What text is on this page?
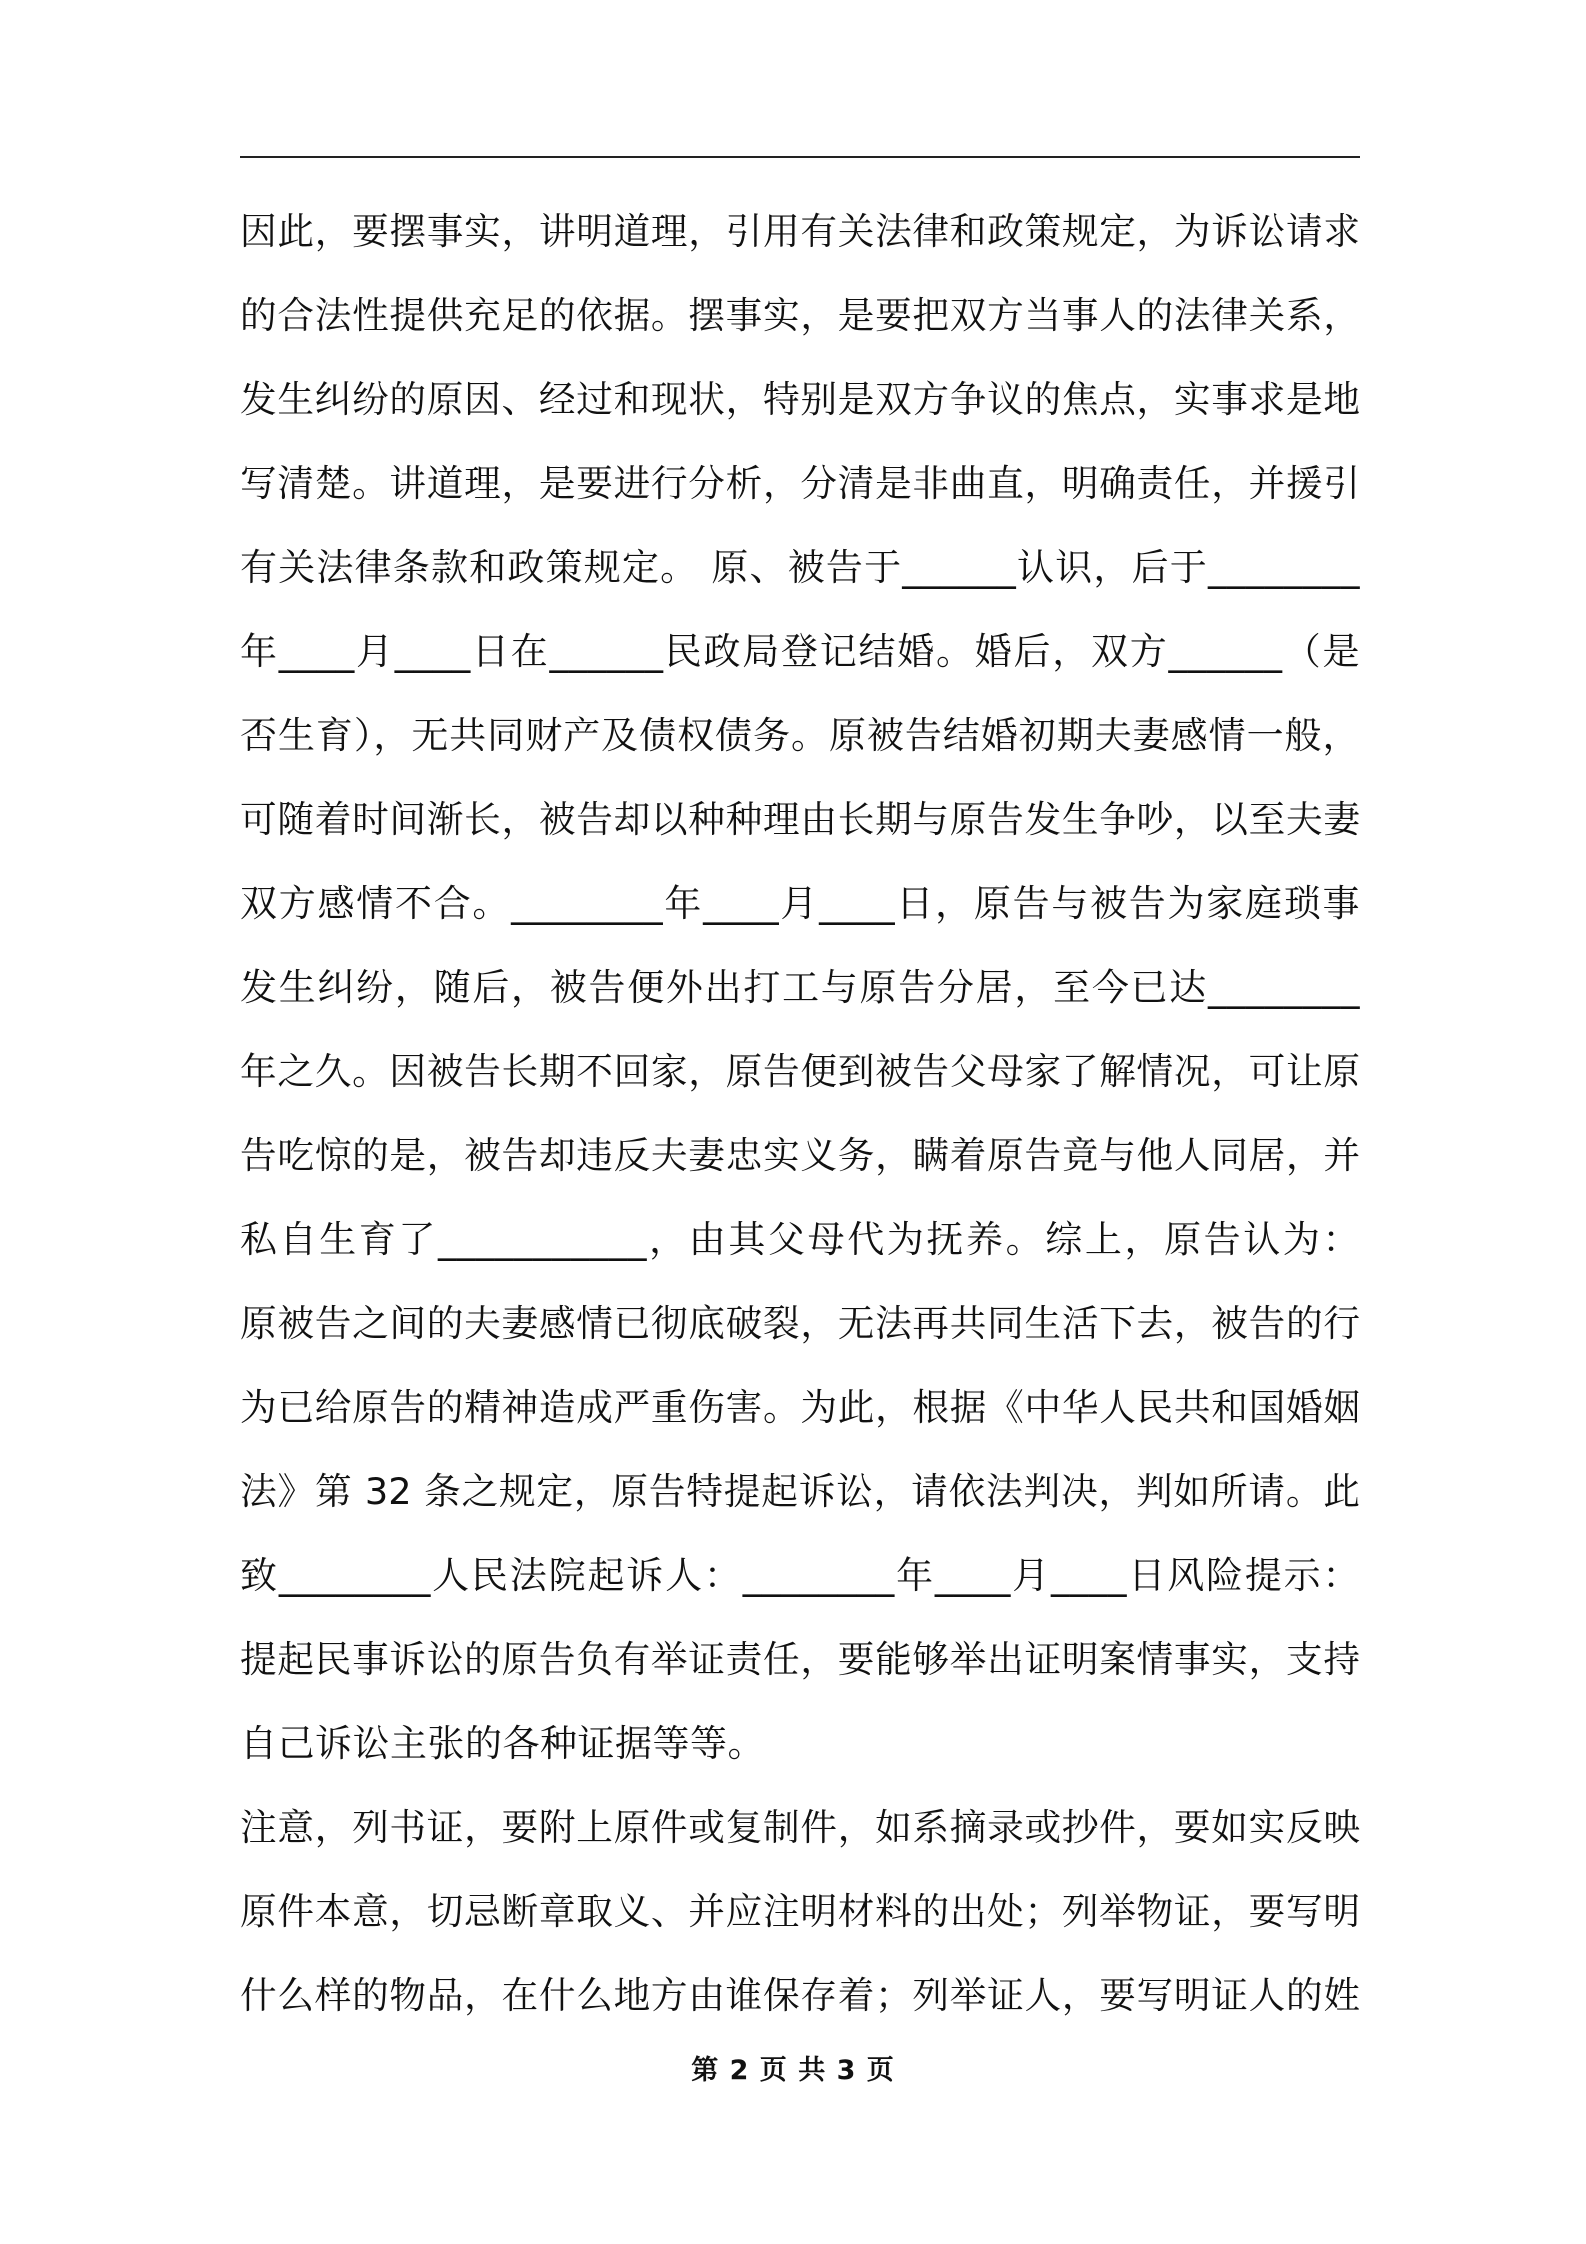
因此，要摆事实，讲明道理，引用有关法律和政策规定，为诉讼请求
的合法性提供充足的依据。摆事实，是要把双方当事人的法律关系，
发生纠纷的原因、经过和现状，特别是双方争议的焦点，实事求是地
写清楚。讲道理，是要进行分析，分清是非曲直，明确责任，并援引
有关法律条款和政策规定。 原、被告于______认识，后于________
年____月____日在______民政局登记结婚。婚后，双方______（是
否生育），无共同财产及债权债务。原被告结婚初期夫妻感情一般，
可随着时间渐长，被告却以种种理由长期与原告发生争吵，以至夫妻
双方感情不合。________年____月____日，原告与被告为家庭琐事
发生纠纷，随后，被告便外出打工与原告分居，至今已达________
年之久。因被告长期不回家，原告便到被告父母家了解情况，可让原
告吃惊的是，被告却违反夫妻忠实义务，瞒着原告竟与他人同居，并
私自生育了___________，由其父母代为抚养。综上，原告认为：
原被告之间的夫妻感情已彻底破裂，无法再共同生活下去，被告的行
为已给原告的精神造成严重伤害。为此，根据《中华人民共和国婚姻
法》第 32 条之规定，原告特提起诉讼，请依法判决，判如所请。此
致________人民法院起诉人：________年____月____日风险提示：
提起民事诉讼的原告负有举证责任，要能够举出证明案情事实，支持
自己诉讼主张的各种证据等等。
注意，列书证，要附上原件或复制件，如系摘录或抄件，要如实反映
原件本意，切忌断章取义、并应注明材料的出处；列举物证，要写明
什么样的物品，在什么地方由谁保存着；列举证人，要写明证人的姓
第 2 页 共 3 页
